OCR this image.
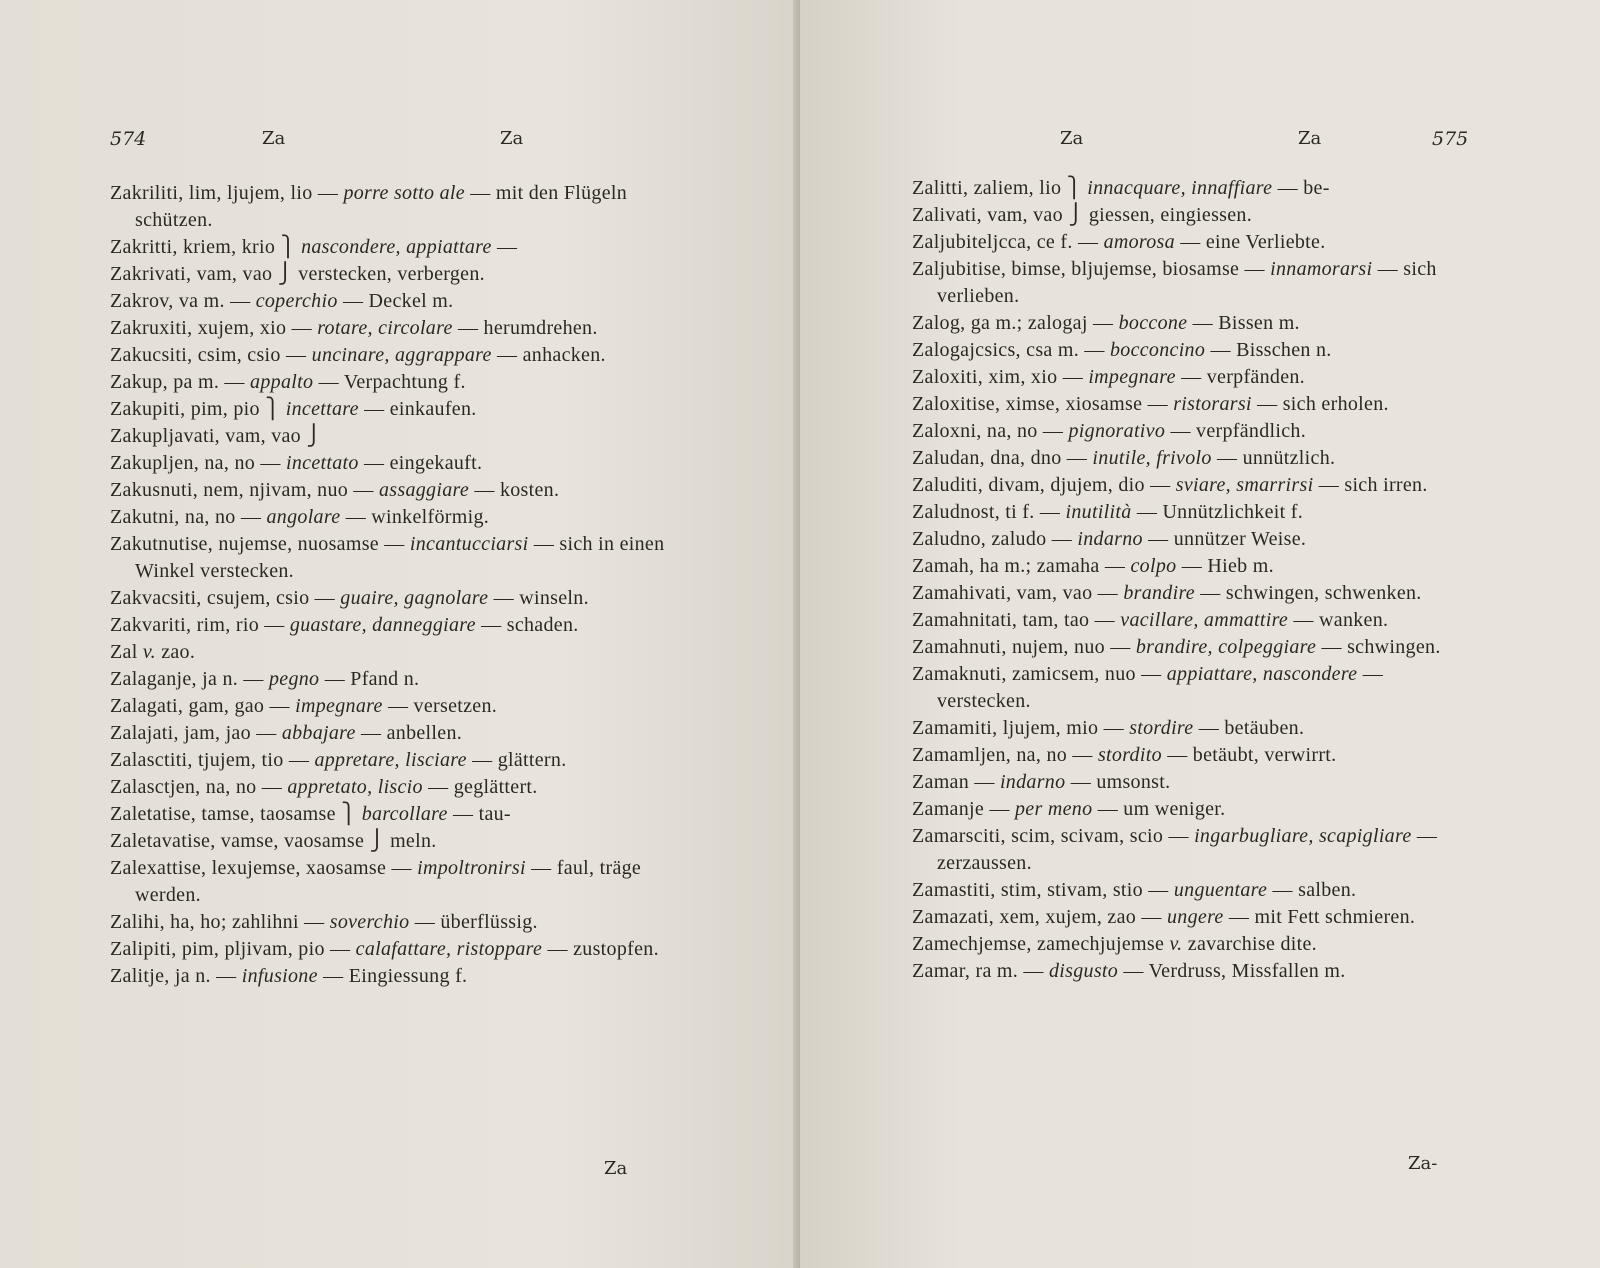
574	Za	Za
Zakriliti, lim, ljujem, lio — porre sotto ale — mit den Flügeln schützen.
Zakritti, kriem, krio ⎫ nascondere, appiattare —
Zakrivati, vam, vao ⎭ verstecken, verbergen.
Zakrov, va m. — coperchio — Deckel m.
Zakruxiti, xujem, xio — rotare, circolare — herumdrehen.
Zakucsiti, csim, csio — uncinare, aggrappare — anhacken.
Zakup, pa m. — appalto — Verpachtung f.
Zakupiti, pim, pio ⎫ incettare — einkaufen.
Zakupljavati, vam, vao ⎭
Zakupljen, na, no — incettato — eingekauft.
Zakusnuti, nem, njivam, nuo — assaggiare — kosten.
Zakutni, na, no — angolare — winkelförmig.
Zakutnutise, nujemse, nuosamse — incantucciarsi — sich in einen Winkel verstecken.
Zakvacsiti, csujem, csio — guaire, gagnolare — winseln.
Zakvariti, rim, rio — guastare, danneggiare — schaden.
Zal v. zao.
Zalaganje, ja n. — pegno — Pfand n.
Zalagati, gam, gao — impegnare — versetzen.
Zalajati, jam, jao — abbajare — anbellen.
Zalasctiti, tjujem, tio — appretare, lisciare — glättern.
Zalasctjen, na, no — appretato, liscio — geglättert.
Zaletatise, tamse, taosamse ⎫ barcollare — tau-
Zaletavatise, vamse, vaosamse ⎭ meln.
Zalexattise, lexujemse, xaosamse — impoltronirsi — faul, träge werden.
Zalihi, ha, ho; zahlihni — soverchio — überflüssig.
Zalipiti, pim, pljivam, pio — calafattare, ristoppare — zustopfen.
Zalitje, ja n. — infusione — Eingiessung f.
Za
Za	Za	575
Zalitti, zaliem, lio ⎫ innacquare, innaffiare — be-
Zalivati, vam, vao ⎭ giessen, eingiessen.
Zaljubiteljcca, ce f. — amorosa — eine Verliebte.
Zaljubitise, bimse, bljujemse, biosamse — innamorarsi — sich verlieben.
Zalog, ga m.; zalogaj — boccone — Bissen m.
Zalogajcsics, csa m. — bocconcino — Bisschen n.
Zaloxiti, xim, xio — impegnare — verpfänden.
Zaloxitise, ximse, xiosamse — ristorarsi — sich erholen.
Zaloxni, na, no — pignorativo — verpfändlich.
Zaludan, dna, dno — inutile, frivolo — unnützlich.
Zaluditi, divam, djujem, dio — sviare, smarrirsi — sich irren.
Zaludnost, ti f. — inutilità — Unnützlichkeit f.
Zaludno, zaludo — indarno — unnützer Weise.
Zamah, ha m.; zamaha — colpo — Hieb m.
Zamahivati, vam, vao — brandire — schwingen, schwenken.
Zamahnitati, tam, tao — vacillare, ammattire — wanken.
Zamahnuti, nujem, nuo — brandire, colpeggiare — schwingen.
Zamaknuti, zamicsem, nuo — appiattare, nascondere — verstecken.
Zamamiti, ljujem, mio — stordire — betäuben.
Zamamljen, na, no — stordito — betäubt, verwirrt.
Zaman — indarno — umsonst.
Zamanje — per meno — um weniger.
Zamarsciti, scim, scivam, scio — ingarbugliare, scapigliare — zerzaussen.
Zamastiti, stim, stivam, stio — unguentare — salben.
Zamazati, xem, xujem, zao — ungere — mit Fett schmieren.
Zamechjemse, zamechjujemse v. zavarchise dite.
Zamar, ra m. — disgusto — Verdruss, Missfallen m.
Za-
